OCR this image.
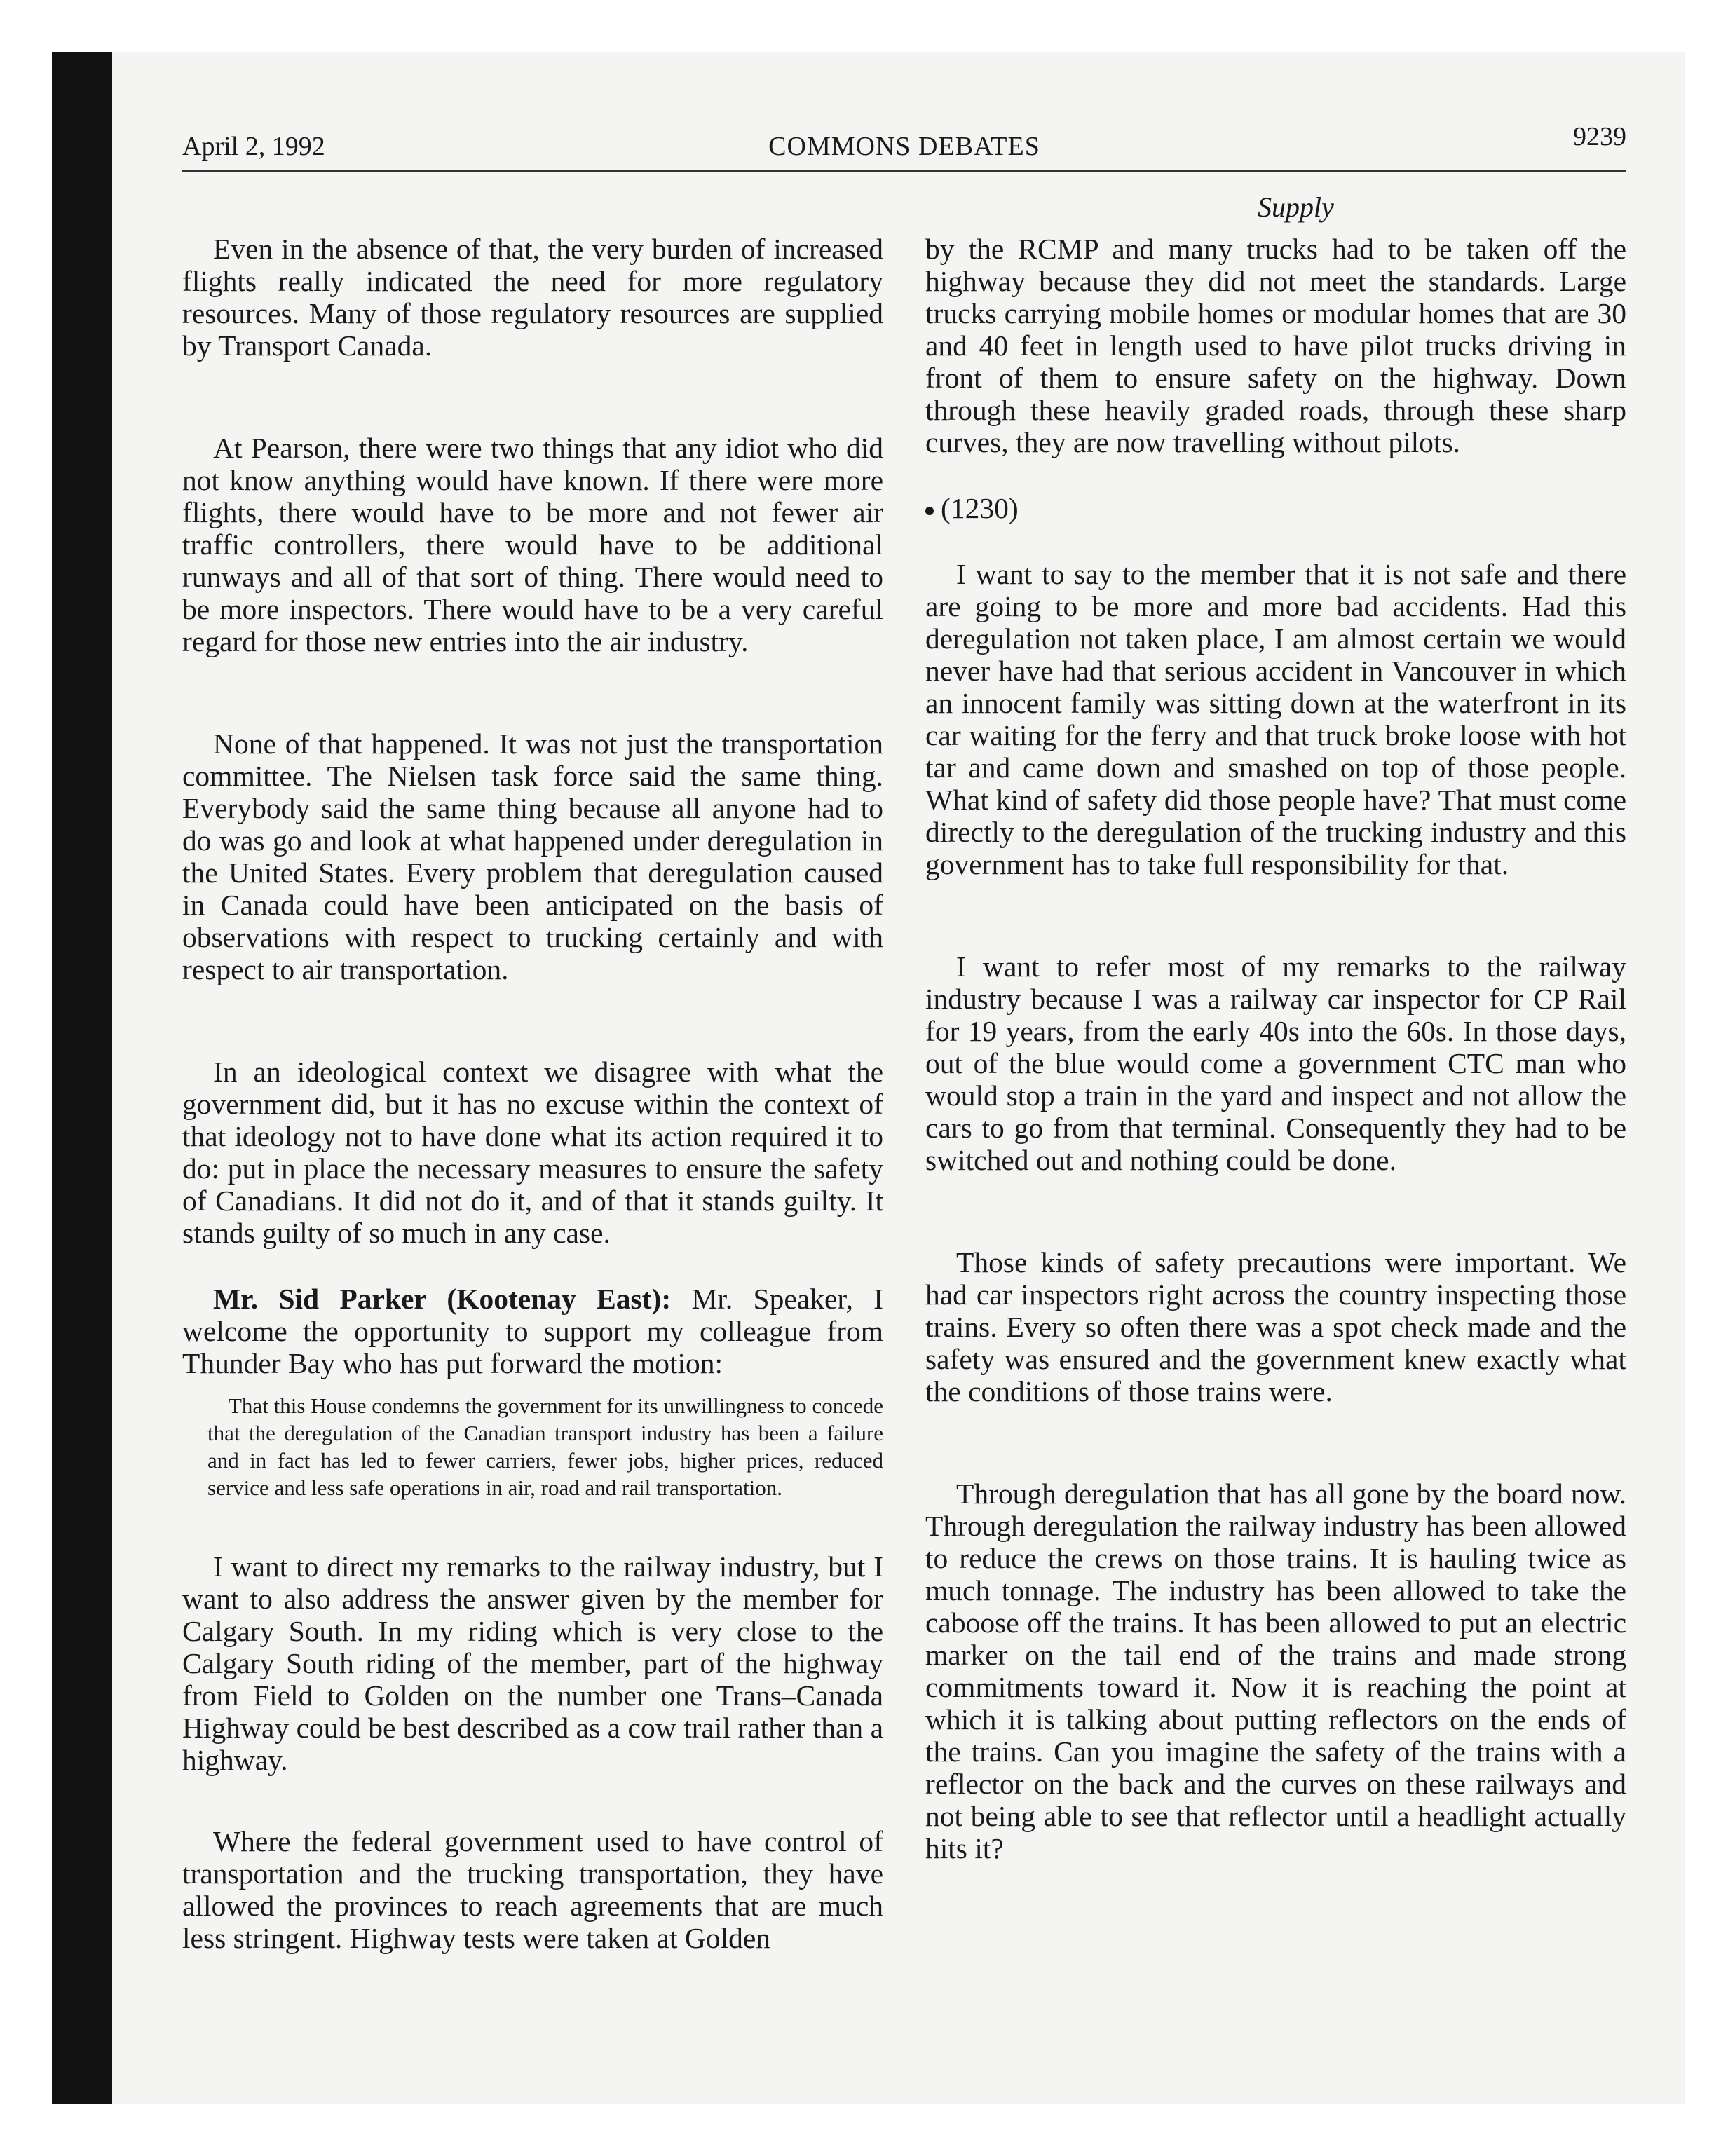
April 2, 1992	COMMONS DEBATES	9239
Supply

Even in the absence of that, the very burden of increased flights really indicated the need for more regulatory resources. Many of those regulatory resources are supplied by Transport Canada.

At Pearson, there were two things that any idiot who did not know anything would have known. If there were more flights, there would have to be more and not fewer air traffic controllers, there would have to be additional runways and all of that sort of thing. There would need to be more inspectors. There would have to be a very careful regard for those new entries into the air industry.

None of that happened. It was not just the transportation committee. The Nielsen task force said the same thing. Everybody said the same thing because all anyone had to do was go and look at what happened under deregulation in the United States. Every problem that deregulation caused in Canada could have been anticipated on the basis of observations with respect to trucking certainly and with respect to air transportation.

In an ideological context we disagree with what the government did, but it has no excuse within the context of that ideology not to have done what its action required it to do: put in place the necessary measures to ensure the safety of Canadians. It did not do it, and of that it stands guilty. It stands guilty of so much in any case.

Mr. Sid Parker (Kootenay East): Mr. Speaker, I welcome the opportunity to support my colleague from Thunder Bay who has put forward the motion:

That this House condemns the government for its unwillingness to concede that the deregulation of the Canadian transport industry has been a failure and in fact has led to fewer carriers, fewer jobs, higher prices, reduced service and less safe operations in air, road and rail transportation.

I want to direct my remarks to the railway industry, but I want to also address the answer given by the member for Calgary South. In my riding which is very close to the Calgary South riding of the member, part of the highway from Field to Golden on the number one Trans–Canada Highway could be best described as a cow trail rather than a highway.

Where the federal government used to have control of transportation and the trucking transportation, they have allowed the provinces to reach agreements that are much less stringent. Highway tests were taken at Golden

by the RCMP and many trucks had to be taken off the highway because they did not meet the standards. Large trucks carrying mobile homes or modular homes that are 30 and 40 feet in length used to have pilot trucks driving in front of them to ensure safety on the highway. Down through these heavily graded roads, through these sharp curves, they are now travelling without pilots.

(1230)

I want to say to the member that it is not safe and there are going to be more and more bad accidents. Had this deregulation not taken place, I am almost certain we would never have had that serious accident in Vancouver in which an innocent family was sitting down at the waterfront in its car waiting for the ferry and that truck broke loose with hot tar and came down and smashed on top of those people. What kind of safety did those people have? That must come directly to the deregulation of the trucking industry and this government has to take full responsibility for that.

I want to refer most of my remarks to the railway industry because I was a railway car inspector for CP Rail for 19 years, from the early 40s into the 60s. In those days, out of the blue would come a government CTC man who would stop a train in the yard and inspect and not allow the cars to go from that terminal. Consequently they had to be switched out and nothing could be done.

Those kinds of safety precautions were important. We had car inspectors right across the country inspecting those trains. Every so often there was a spot check made and the safety was ensured and the government knew exactly what the conditions of those trains were.

Through deregulation that has all gone by the board now. Through deregulation the railway industry has been allowed to reduce the crews on those trains. It is hauling twice as much tonnage. The industry has been allowed to take the caboose off the trains. It has been allowed to put an electric marker on the tail end of the trains and made strong commitments toward it. Now it is reaching the point at which it is talking about putting reflectors on the ends of the trains. Can you imagine the safety of the trains with a reflector on the back and the curves on these railways and not being able to see that reflector until a headlight actually hits it?
